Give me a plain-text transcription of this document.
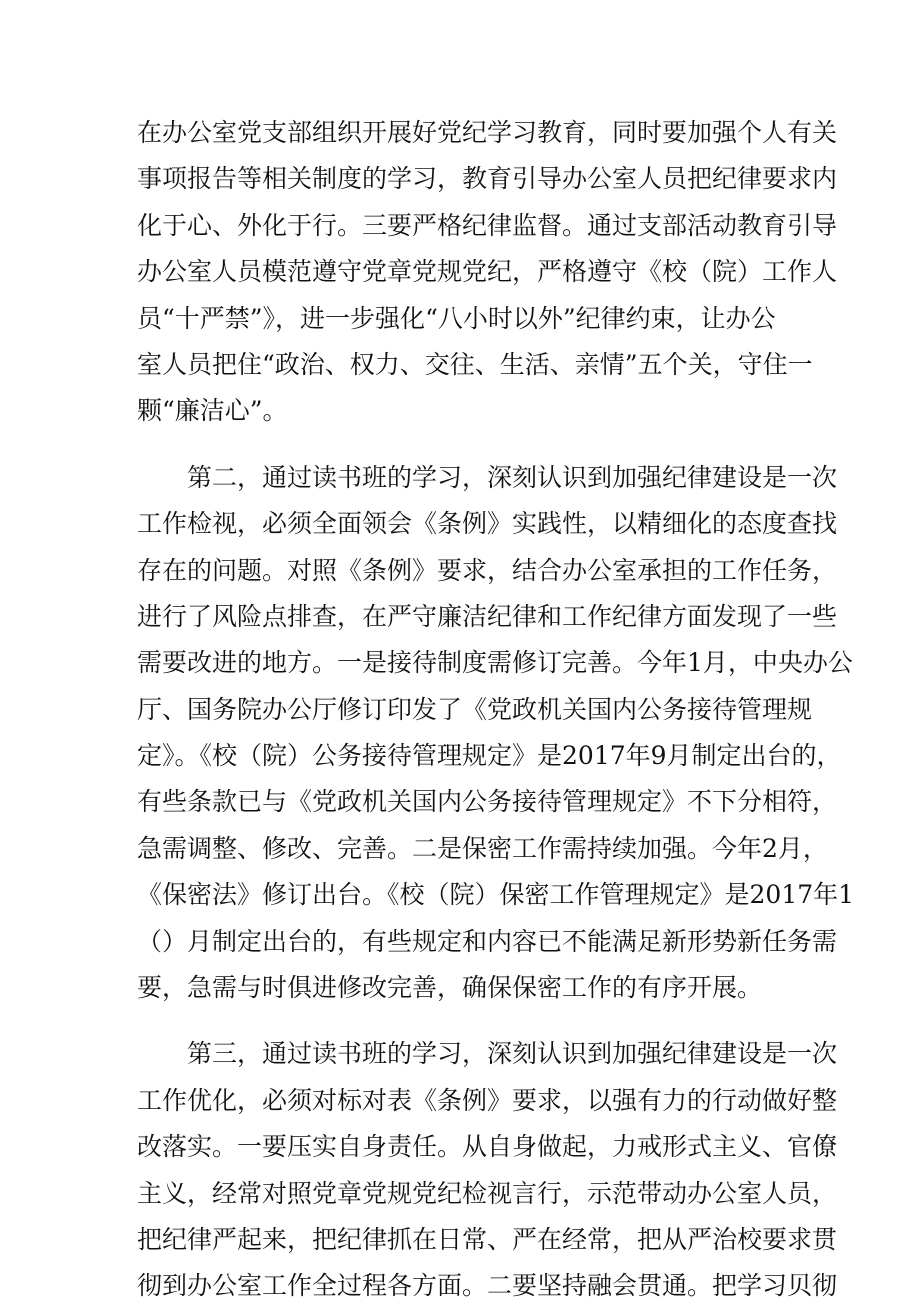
在办公室党支部组织开展好党纪学习教育，同时要加强个人有关
事项报告等相关制度的学习，教育引导办公室人员把纪律要求内
化于心、外化于行。三要严格纪律监督。通过支部活动教育引导
办公室人员模范遵守党章党规党纪，严格遵守《校（院）工作人
员“十严禁”》，进一步强化“八小时以外”纪律约束，让办公
室人员把住“政治、权力、交往、生活、亲情”五个关，守住一
颗“廉洁心”。
　　第二，通过读书班的学习，深刻认识到加强纪律建设是一次
工作检视，必须全面领会《条例》实践性，以精细化的态度查找
存在的问题。对照《条例》要求，结合办公室承担的工作任务，
进行了风险点排查，在严守廉洁纪律和工作纪律方面发现了一些
需要改进的地方。一是接待制度需修订完善。今年1月，中央办公
厅、国务院办公厅修订印发了《党政机关国内公务接待管理规
定》。《校（院）公务接待管理规定》是2017年9月制定出台的，
有些条款已与《党政机关国内公务接待管理规定》不下分相符，
急需调整、修改、完善。二是保密工作需持续加强。今年2月，
《保密法》修订出台。《校（院）保密工作管理规定》是2017年1
（）月制定出台的，有些规定和内容已不能满足新形势新任务需
要，急需与时俱进修改完善，确保保密工作的有序开展。
　　第三，通过读书班的学习，深刻认识到加强纪律建设是一次
工作优化，必须对标对表《条例》要求，以强有力的行动做好整
改落实。一要压实自身责任。从自身做起，力戒形式主义、官僚
主义，经常对照党章党规党纪检视言行，示范带动办公室人员，
把纪律严起来，把纪律抓在日常、严在经常，把从严治校要求贯
彻到办公室工作全过程各方面。二要坚持融会贯通。把学习贝彻
